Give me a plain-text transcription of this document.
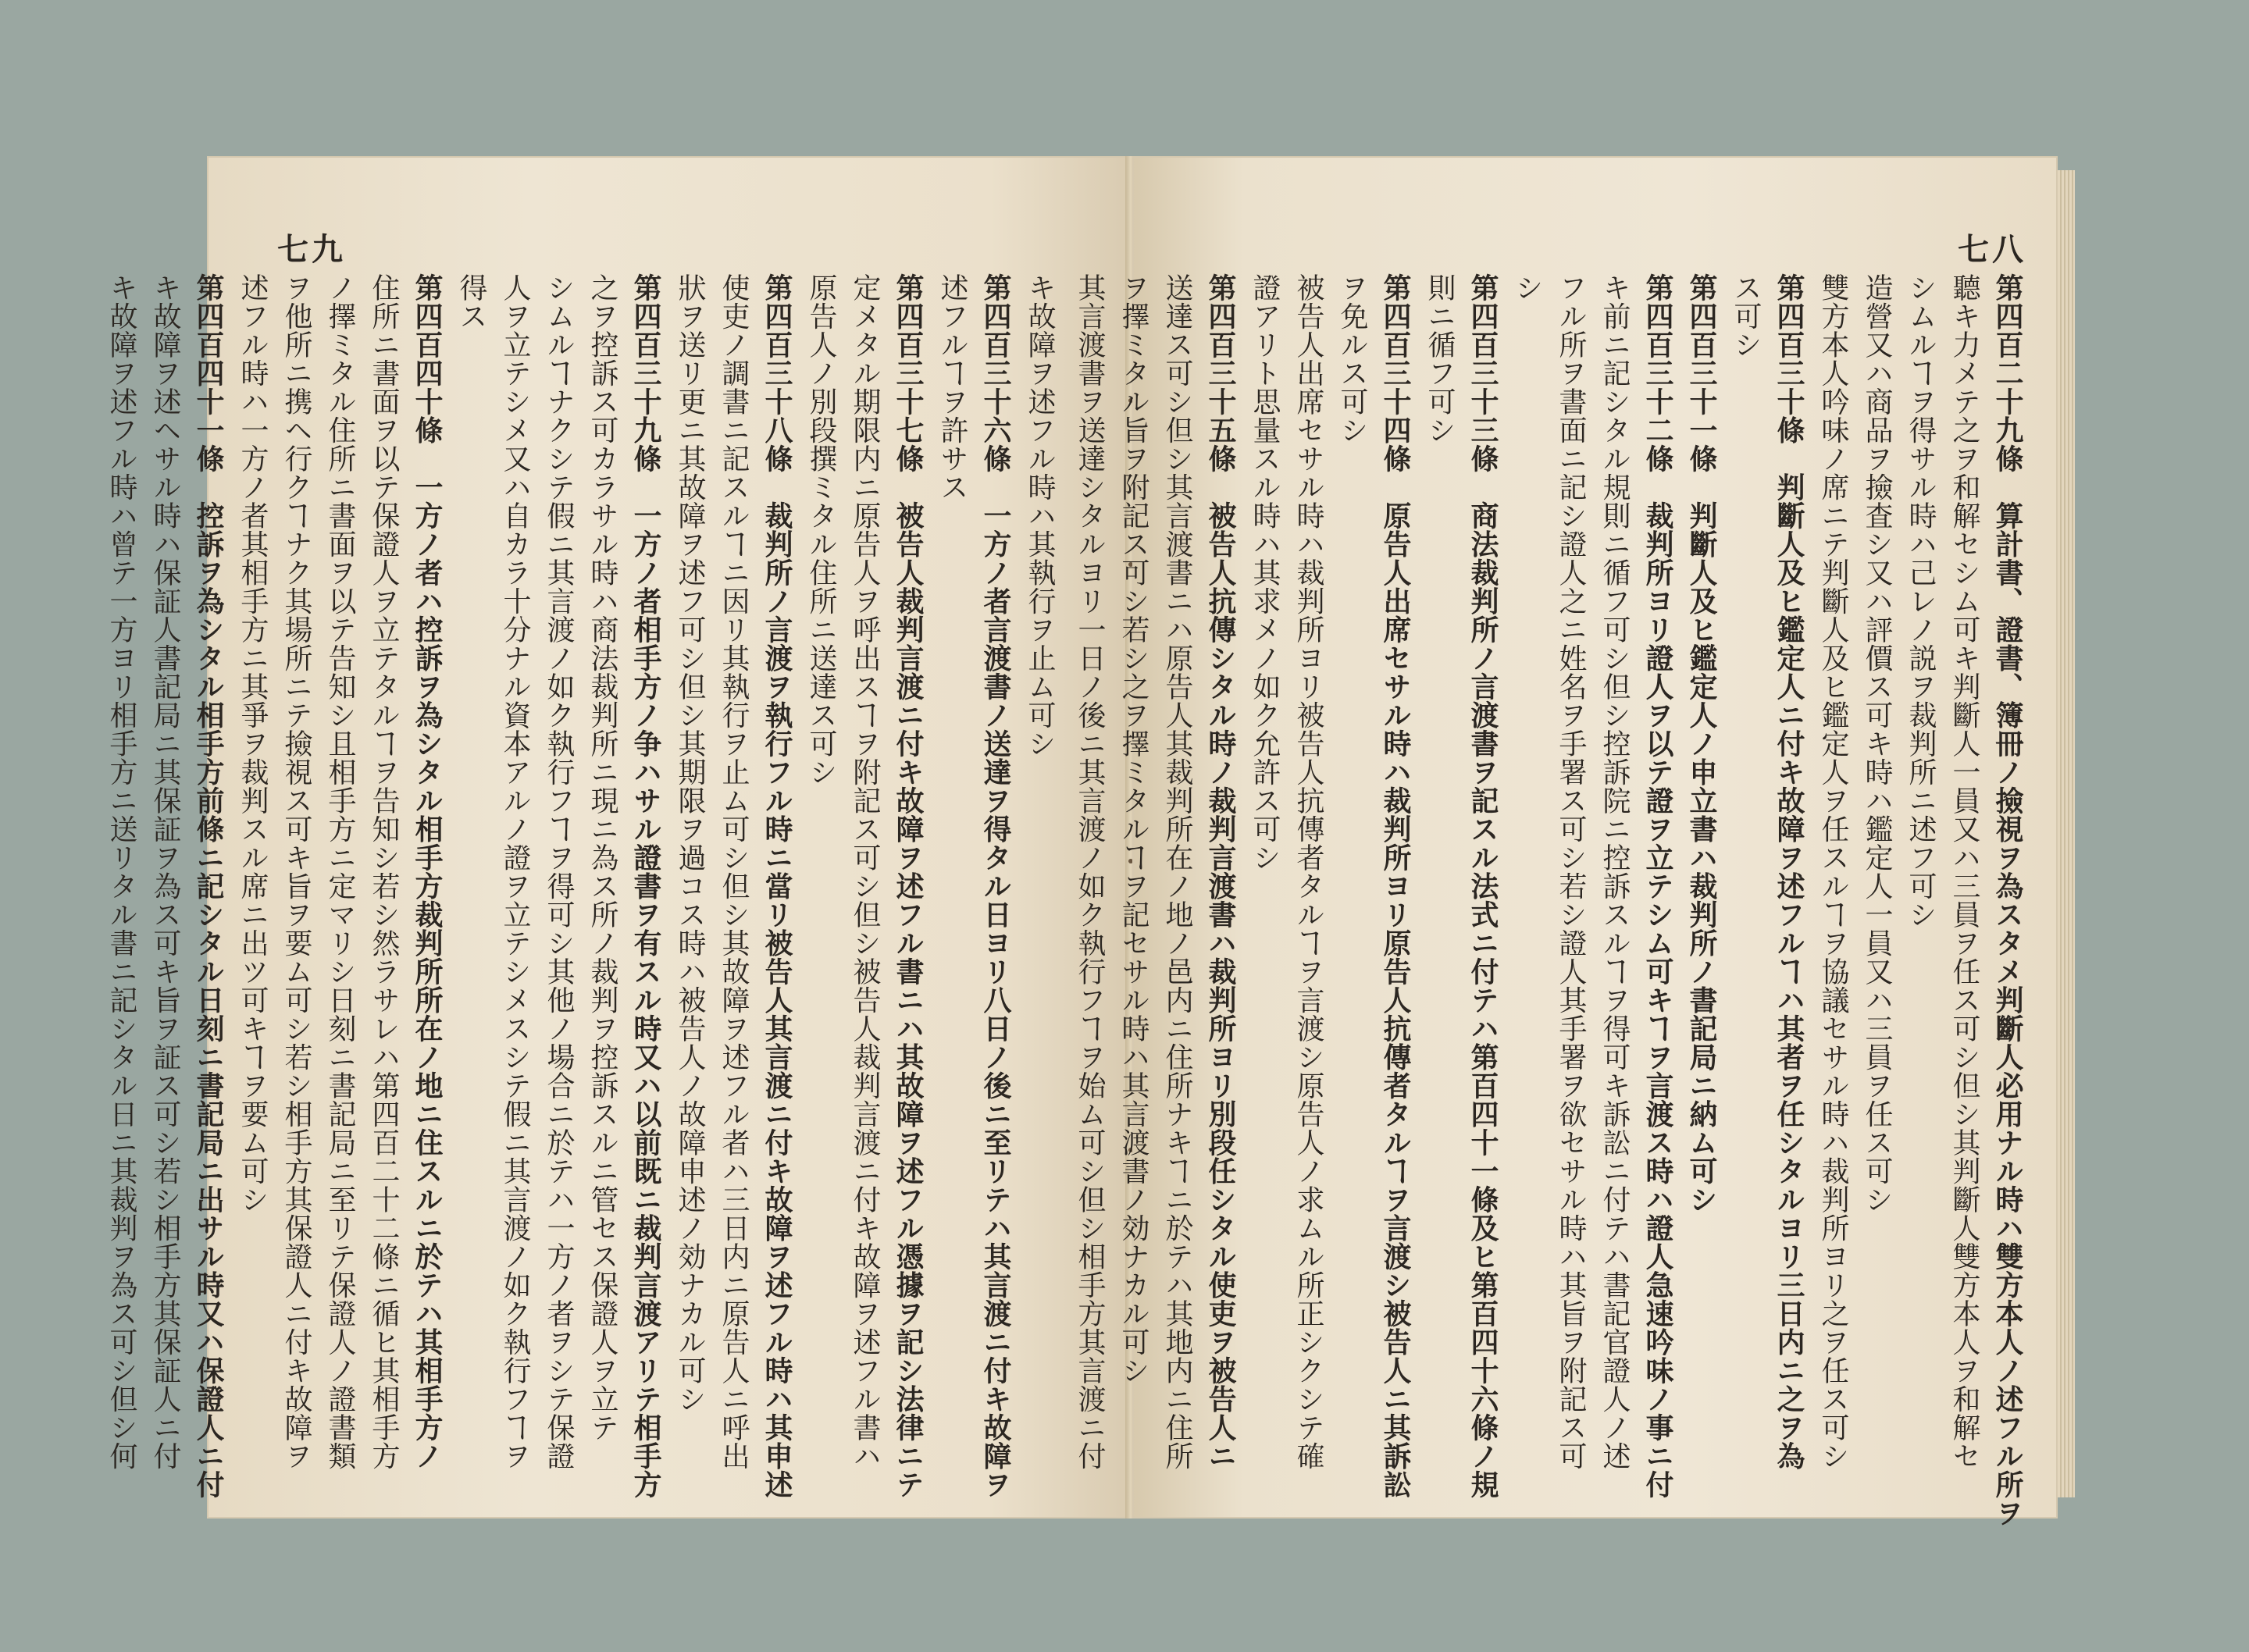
七九
キ故障ヲ述フル時ハ其執行ヲ止ム可シ
第四百三十六條　一方ノ者言渡書ノ送達ヲ得タル日ヨリ八日ノ後ニ至リテハ其言渡ニ付キ故障ヲ
述フルヿヲ許サス
第四百三十七條　被告人裁判言渡ニ付キ故障ヲ述フル書ニハ其故障ヲ述フル憑據ヲ記シ法律ニテ
定メタル期限内ニ原告人ヲ呼出スヿヲ附記ス可シ但シ被告人裁判言渡ニ付キ故障ヲ述フル書ハ
原告人ノ別段撰ミタル住所ニ送達ス可シ
第四百三十八條　裁判所ノ言渡ヲ執行フル時ニ當リ被告人其言渡ニ付キ故障ヲ述フル時ハ其申述
使吏ノ調書ニ記スルヿニ因リ其執行ヲ止ム可シ但シ其故障ヲ述フル者ハ三日内ニ原告人ニ呼出
狀ヲ送リ更ニ其故障ヲ述フ可シ但シ其期限ヲ過コス時ハ被告人ノ故障申述ノ効ナカル可シ
第四百三十九條　一方ノ者相手方ノ争ハサル證書ヲ有スル時又ハ以前既ニ裁判言渡アリテ相手方
之ヲ控訴ス可カラサル時ハ商法裁判所ニ現ニ為ス所ノ裁判ヲ控訴スルニ管セス保證人ヲ立テ
シムルヿナクシテ假ニ其言渡ノ如ク執行フヿヲ得可シ其他ノ場合ニ於テハ一方ノ者ヲシテ保證
人ヲ立テシメ又ハ自カラ十分ナル資本アルノ證ヲ立テシメスシテ假ニ其言渡ノ如ク執行フヿヲ
得ス
第四百四十條　一方ノ者ハ控訴ヲ為シタル相手方裁判所所在ノ地ニ住スルニ於テハ其相手方ノ
住所ニ書面ヲ以テ保證人ヲ立テタルヿヲ告知シ若シ然ラサレハ第四百二十二條ニ循ヒ其相手方
ノ擇ミタル住所ニ書面ヲ以テ告知シ且相手方ニ定マリシ日刻ニ書記局ニ至リテ保證人ノ證書類
ヲ他所ニ携ヘ行クヿナク其場所ニテ撿視ス可キ旨ヲ要ム可シ若シ相手方其保證人ニ付キ故障ヲ
述フル時ハ一方ノ者其相手方ニ其爭ヲ裁判スル席ニ出ツ可キヿヲ要ム可シ
第四百四十一條　控訴ヲ為シタル相手方前條ニ記シタル日刻ニ書記局ニ出サル時又ハ保證人ニ付
キ故障ヲ述ヘサル時ハ保証人書記局ニ其保証ヲ為ス可キ旨ヲ証ス可シ若シ相手方其保証人ニ付
キ故障ヲ述フル時ハ曾テ一方ヨリ相手方ニ送リタル書ニ記シタル日ニ其裁判ヲ為ス可シ但シ何
七八
第四百二十九條　算計書、證書、簿冊ノ撿視ヲ為スタメ判斷人必用ナル時ハ雙方本人ノ述フル所ヲ
聽キ力メテ之ヲ和解セシム可キ判斷人一員又ハ三員ヲ任ス可シ但シ其判斷人雙方本人ヲ和解セ
シムルヿヲ得サル時ハ己レノ説ヲ裁判所ニ述フ可シ
造營又ハ商品ヲ撿査シ又ハ評價ス可キ時ハ鑑定人一員又ハ三員ヲ任ス可シ
雙方本人吟味ノ席ニテ判斷人及ヒ鑑定人ヲ任スルヿヲ協議セサル時ハ裁判所ヨリ之ヲ任ス可シ
第四百三十條　判斷人及ヒ鑑定人ニ付キ故障ヲ述フルヿハ其者ヲ任シタルヨリ三日内ニ之ヲ為
ス可シ
第四百三十一條　判斷人及ヒ鑑定人ノ申立書ハ裁判所ノ書記局ニ納ム可シ
第四百三十二條　裁判所ヨリ證人ヲ以テ證ヲ立テシム可キヿヲ言渡ス時ハ證人急速吟味ノ事ニ付
キ前ニ記シタル規則ニ循フ可シ但シ控訴院ニ控訴スルヿヲ得可キ訴訟ニ付テハ書記官證人ノ述
フル所ヲ書面ニ記シ證人之ニ姓名ヲ手署ス可シ若シ證人其手署ヲ欲セサル時ハ其旨ヲ附記ス可
シ
第四百三十三條　商法裁判所ノ言渡書ヲ記スル法式ニ付テハ第百四十一條及ヒ第百四十六條ノ規
則ニ循フ可シ
第四百三十四條　原告人出席セサル時ハ裁判所ヨリ原告人抗傳者タルヿヲ言渡シ被告人ニ其訴訟
ヲ免ルス可シ
被告人出席セサル時ハ裁判所ヨリ被告人抗傳者タルヿヲ言渡シ原告人ノ求ムル所正シクシテ確
證アリト思量スル時ハ其求メノ如ク允許ス可シ
第四百三十五條　被告人抗傳シタル時ノ裁判言渡書ハ裁判所ヨリ別段任シタル使吏ヲ被告人ニ
送達ス可シ但シ其言渡書ニハ原告人其裁判所在ノ地ノ邑内ニ住所ナキヿニ於テハ其地内ニ住所
ヲ擇ミタル旨ヲ附記ス可シ若シ之ヲ擇ミタルヿヲ記セサル時ハ其言渡書ノ効ナカル可シ
其言渡書ヲ送達シタルヨリ一日ノ後ニ其言渡ノ如ク執行フヿヲ始ム可シ但シ相手方其言渡ニ付
